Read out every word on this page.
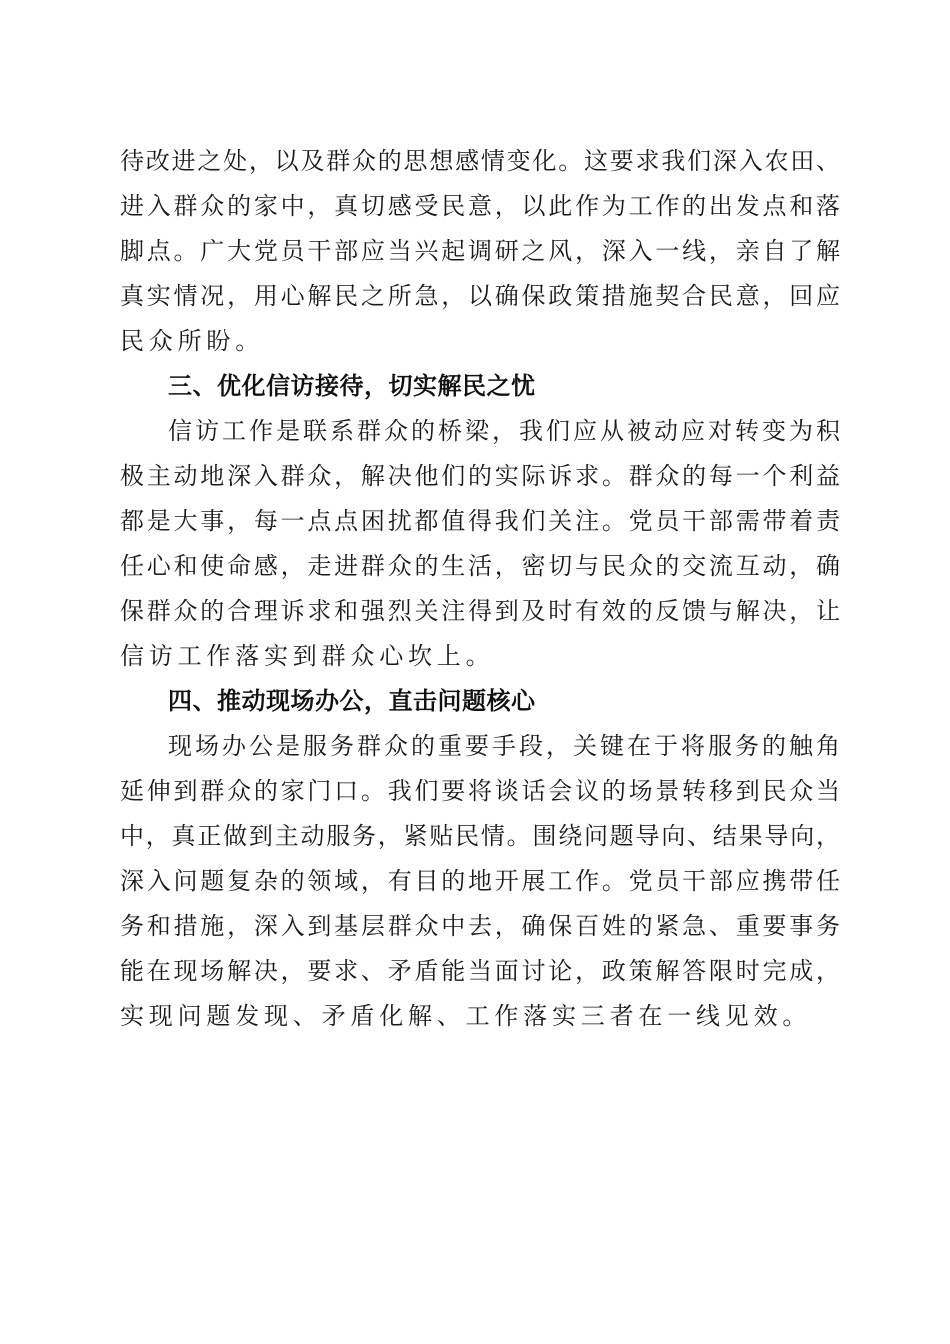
待改进之处，以及群众的思想感情变化。这要求我们深入农田、

进入群众的家中，真切感受民意，以此作为工作的出发点和落

脚点。广大党员干部应当兴起调研之风，深入一线，亲自了解

真实情况，用心解民之所急，以确保政策措施契合民意，回应

民众所盼。

三、优化信访接待，切实解民之忧

信访工作是联系群众的桥梁，我们应从被动应对转变为积

极主动地深入群众，解决他们的实际诉求。群众的每一个利益

都是大事，每一点点困扰都值得我们关注。党员干部需带着责

任心和使命感，走进群众的生活，密切与民众的交流互动，确

保群众的合理诉求和强烈关注得到及时有效的反馈与解决，让

信访工作落实到群众心坎上。

四、推动现场办公，直击问题核心

现场办公是服务群众的重要手段，关键在于将服务的触角

延伸到群众的家门口。我们要将谈话会议的场景转移到民众当

中，真正做到主动服务，紧贴民情。围绕问题导向、结果导向，

深入问题复杂的领域，有目的地开展工作。党员干部应携带任

务和措施，深入到基层群众中去，确保百姓的紧急、重要事务

能在现场解决，要求、矛盾能当面讨论，政策解答限时完成，

实现问题发现、矛盾化解、工作落实三者在一线见效。
